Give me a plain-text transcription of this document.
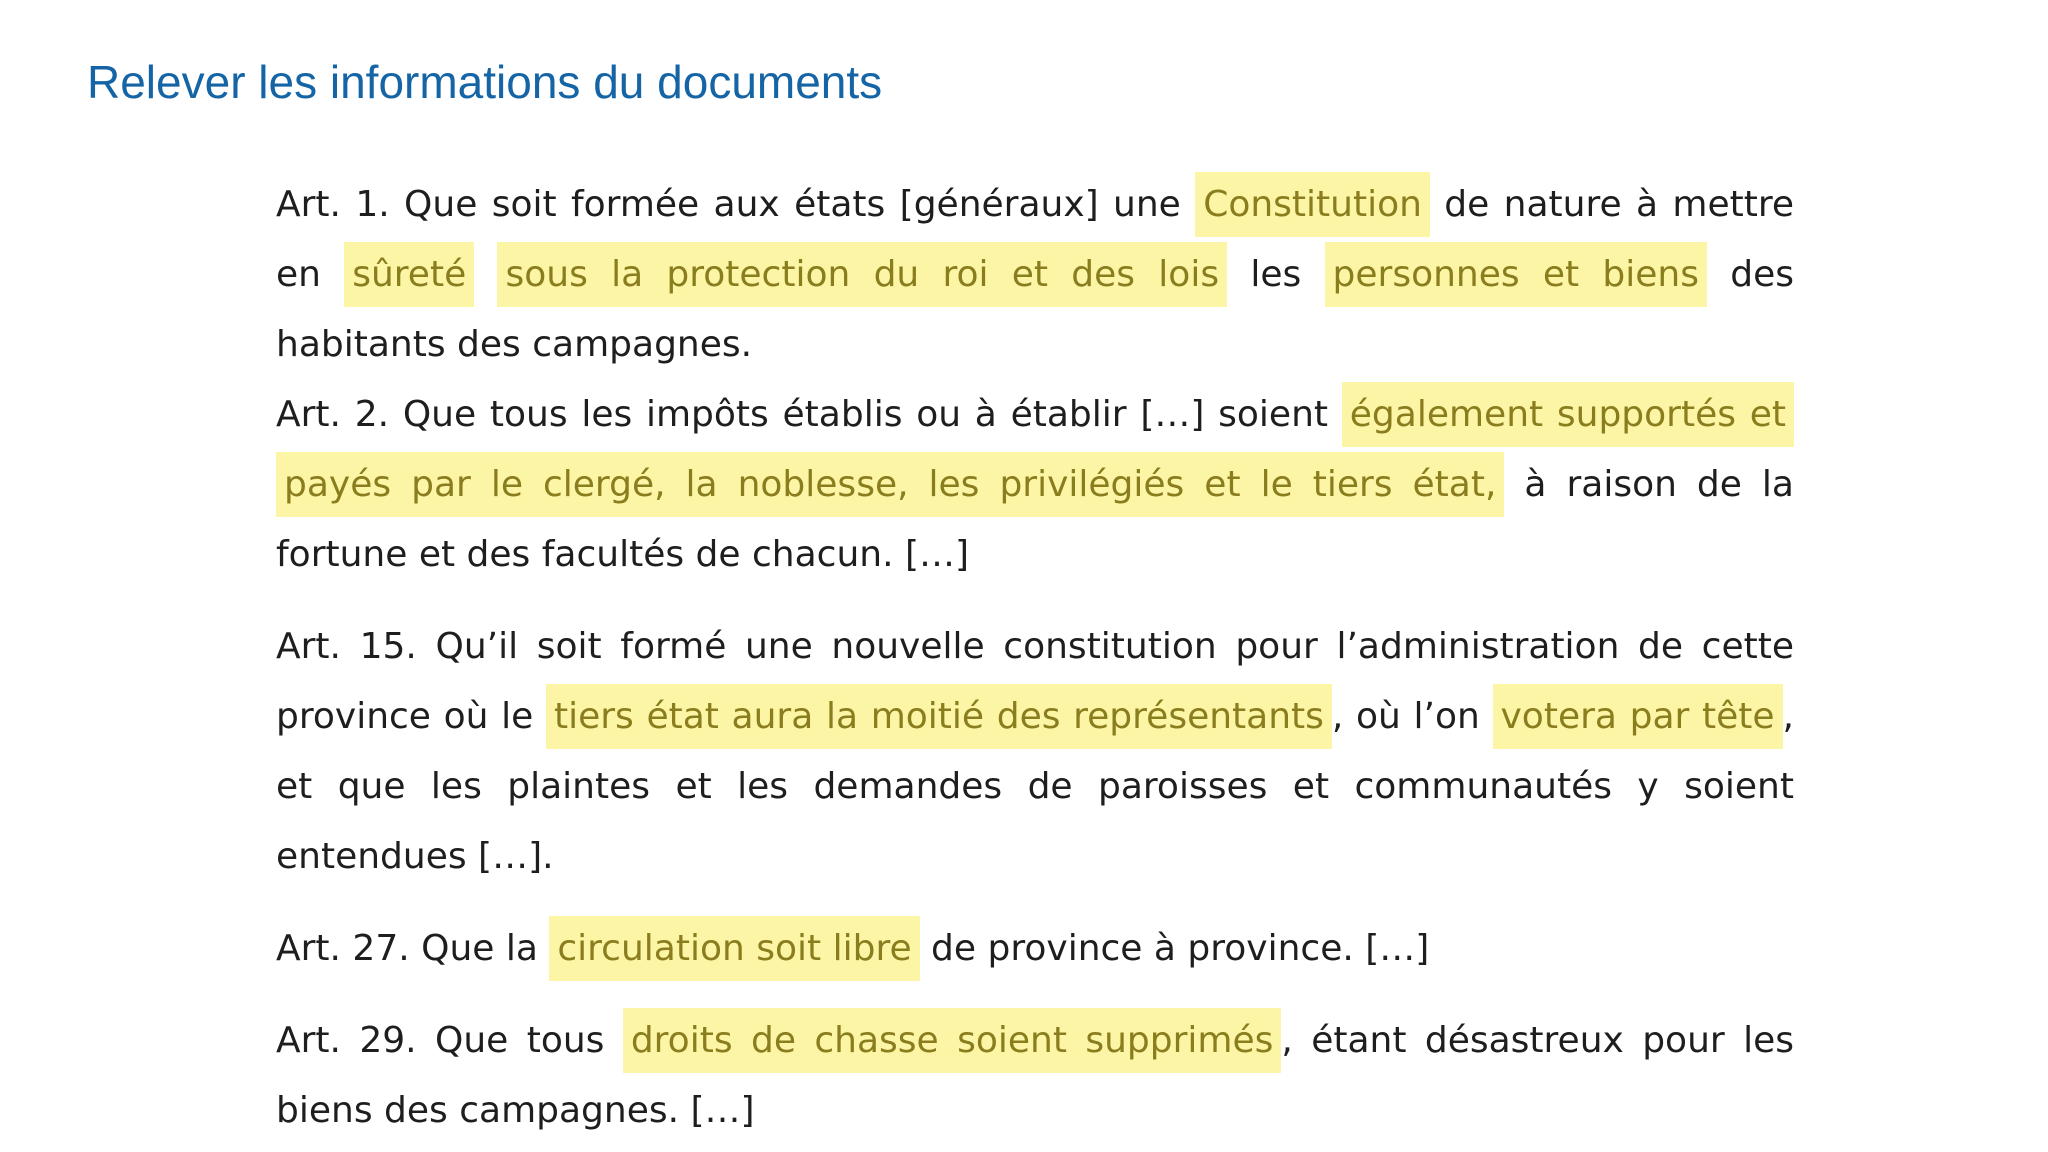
Relever les informations du documents

Art. 1. Que soit formée aux états [généraux] une Constitution de nature à mettre en sûreté sous la protection du roi et des lois les personnes et biens des habitants des campagnes.

Art. 2. Que tous les impôts établis ou à établir […] soient également supportés et payés par le clergé, la noblesse, les privilégiés et le tiers état, à raison de la fortune et des facultés de chacun. […]

Art. 15. Qu’il soit formé une nouvelle constitution pour l’administration de cette province où le tiers état aura la moitié des représentants , où l’on votera par tête , et que les plaintes et les demandes de paroisses et communautés y soient entendues […].

Art. 27. Que la circulation soit libre de province à province. […]

Art. 29. Que tous droits de chasse soient supprimés , étant désastreux pour les biens des campagnes. […]
